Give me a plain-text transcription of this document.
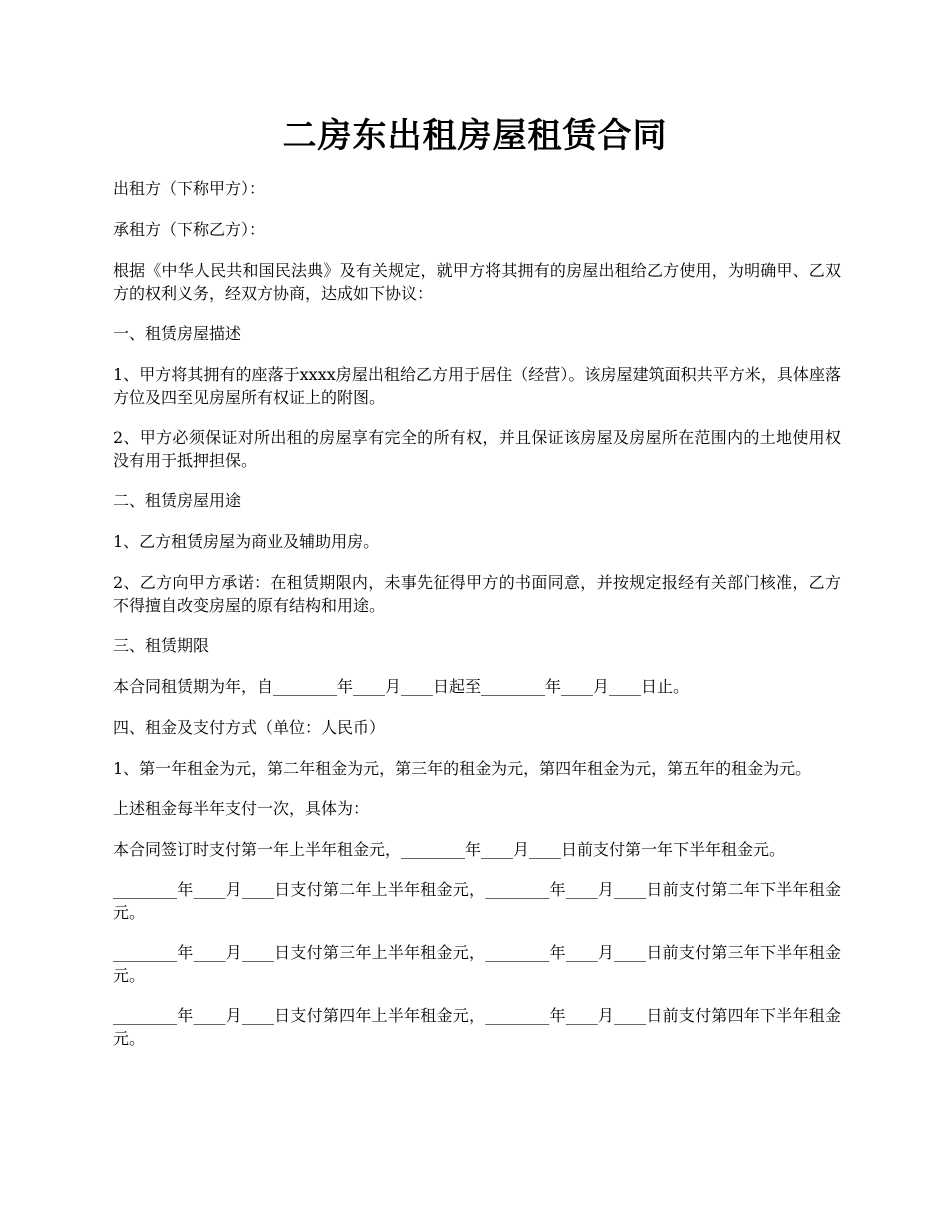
二房东出租房屋租赁合同

出租方（下称甲方）：

承租方（下称乙方）：

根据《中华人民共和国民法典》及有关规定，就甲方将其拥有的房屋出租给乙方使用，为明确甲、乙双方的权利义务，经双方协商，达成如下协议：

一、租赁房屋描述

1、甲方将其拥有的座落于xxxx房屋出租给乙方用于居住（经营）。该房屋建筑面积共平方米，具体座落方位及四至见房屋所有权证上的附图。

2、甲方必须保证对所出租的房屋享有完全的所有权，并且保证该房屋及房屋所在范围内的土地使用权没有用于抵押担保。

二、租赁房屋用途

1、乙方租赁房屋为商业及辅助用房。

2、乙方向甲方承诺：在租赁期限内，未事先征得甲方的书面同意，并按规定报经有关部门核准，乙方不得擅自改变房屋的原有结构和用途。

三、租赁期限

本合同租赁期为年，自________年____月____日起至________年____月____日止。

四、租金及支付方式（单位：人民币）

1、第一年租金为元，第二年租金为元，第三年的租金为元，第四年租金为元，第五年的租金为元。

上述租金每半年支付一次，具体为：

本合同签订时支付第一年上半年租金元，________年____月____日前支付第一年下半年租金元。

________年____月____日支付第二年上半年租金元，________年____月____日前支付第二年下半年租金元。

________年____月____日支付第三年上半年租金元，________年____月____日前支付第三年下半年租金元。

________年____月____日支付第四年上半年租金元，________年____月____日前支付第四年下半年租金元。
